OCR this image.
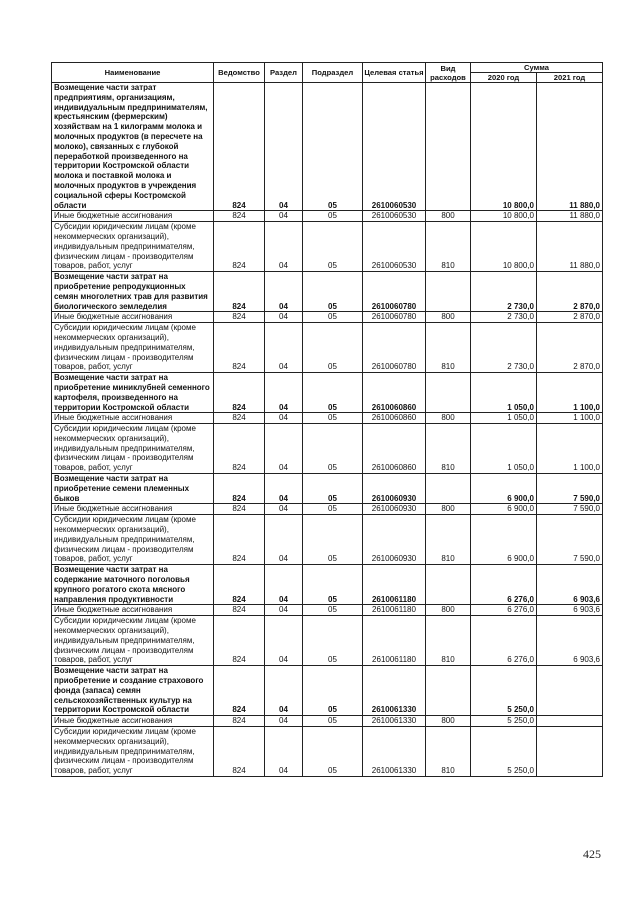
Наименование	Ведомство	Раздел	Подраздел	Целевая статья	Вид расходов	Сумма	
						2020 год	2021 год
Возмещение части затрат предприятиям, организациям, индивидуальным предпринимателям, крестьянским (фермерским) хозяйствам на 1 килограмм молока и молочных продуктов (в пересчете на молоко), связанных с глубокой переработкой произведенного на территории Костромской области молока и поставкой молока и молочных продуктов в учреждения социальной сферы Костромской области	824	04	05	2610060530		10 800,0	11 880,0
Иные бюджетные ассигнования	824	04	05	2610060530	800	10 800,0	11 880,0
Субсидии юридическим лицам (кроме некоммерческих организаций), индивидуальным предпринимателям, физическим лицам - производителям товаров, работ, услуг	824	04	05	2610060530	810	10 800,0	11 880,0
Возмещение части затрат на приобретение репродукционных семян многолетних трав для развития биологического земледелия	824	04	05	2610060780		2 730,0	2 870,0
Иные бюджетные ассигнования	824	04	05	2610060780	800	2 730,0	2 870,0
Субсидии юридическим лицам (кроме некоммерческих организаций), индивидуальным предпринимателям, физическим лицам - производителям товаров, работ, услуг	824	04	05	2610060780	810	2 730,0	2 870,0
Возмещение части затрат на приобретение миниклубней семенного картофеля, произведенного на территории Костромской области	824	04	05	2610060860		1 050,0	1 100,0
Иные бюджетные ассигнования	824	04	05	2610060860	800	1 050,0	1 100,0
Субсидии юридическим лицам (кроме некоммерческих организаций), индивидуальным предпринимателям, физическим лицам - производителям товаров, работ, услуг	824	04	05	2610060860	810	1 050,0	1 100,0
Возмещение части затрат на приобретение семени племенных быков	824	04	05	2610060930		6 900,0	7 590,0
Иные бюджетные ассигнования	824	04	05	2610060930	800	6 900,0	7 590,0
Субсидии юридическим лицам (кроме некоммерческих организаций), индивидуальным предпринимателям, физическим лицам - производителям товаров, работ, услуг	824	04	05	2610060930	810	6 900,0	7 590,0
Возмещение части затрат на содержание маточного поголовья крупного рогатого скота мясного направления продуктивности	824	04	05	2610061180		6 276,0	6 903,6
Иные бюджетные ассигнования	824	04	05	2610061180	800	6 276,0	6 903,6
Субсидии юридическим лицам (кроме некоммерческих организаций), индивидуальным предпринимателям, физическим лицам - производителям товаров, работ, услуг	824	04	05	2610061180	810	6 276,0	6 903,6
Возмещение части затрат на приобретение и создание страхового фонда (запаса) семян сельскохозяйственных культур на территории Костромской области	824	04	05	2610061330		5 250,0	
Иные бюджетные ассигнования	824	04	05	2610061330	800	5 250,0	
Субсидии юридическим лицам (кроме некоммерческих организаций), индивидуальным предпринимателям, физическим лицам - производителям товаров, работ, услуг	824	04	05	2610061330	810	5 250,0	
425
